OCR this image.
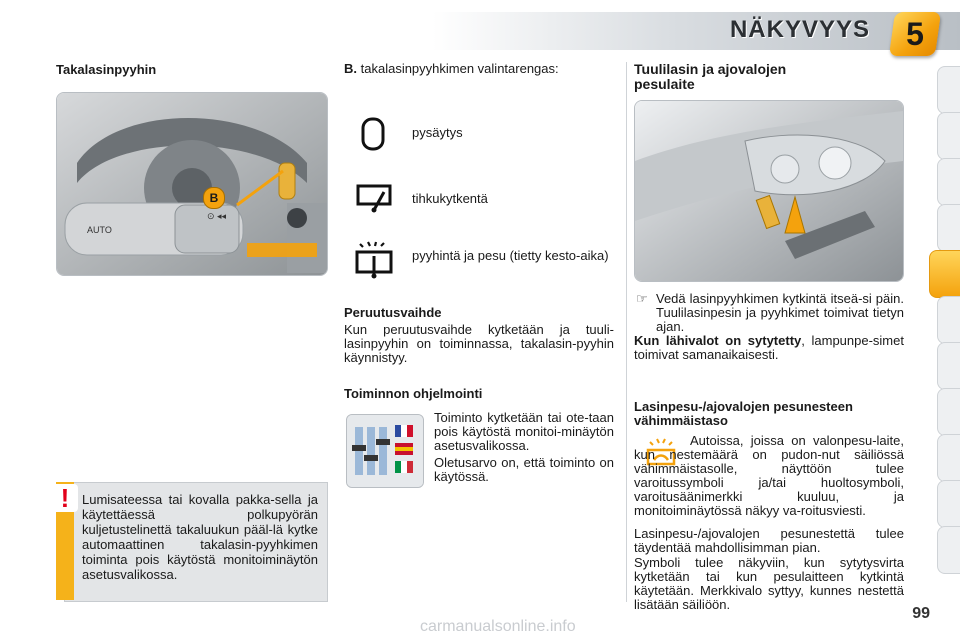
NÄKYVYYS	5
Takalasinpyyhin
AUTO
⊙ ◂◂
B
! Lumisateessa tai kovalla pakka-sella ja käytettäessä polkupyörän kuljetustelinettä takaluukun pääl-lä kytke automaattinen takalasin-pyyhkimen toiminta pois käytöstä monitoiminäytön asetusvalikossa.
B. takalasinpyyhkimen valintarengas:
pysäytys
tihkukytkentä
pyyhintä ja pesu (tietty kesto-aika)
Peruutusvaihde
Kun peruutusvaihde kytketään ja tuuli-lasinpyyhin on toiminnassa, takalasin-pyyhin käynnistyy.
Toiminnon ohjelmointi
Toiminto kytketään tai ote-taan pois käytöstä monitoi-minäytön asetusvalikossa.
Oletusarvo on, että toiminto on käytössä.
Tuulilasin ja ajovalojen pesulaite
☞ Vedä lasinpyyhkimen kytkintä itseä-si päin. Tuulilasinpesin ja pyyhkimet toimivat tietyn ajan.
Kun lähivalot on sytytetty, lampunpe-simet toimivat samanaikaisesti.
Lasinpesu-/ajovalojen pesunesteen vähimmäistaso
Autoissa, joissa on valonpesu-laite, kun nestemäärä on pudon-nut säiliössä vähimmäistasolle, näyttöön tulee varoitussymboli ja/tai huoltosymboli, varoitusäänimerkki kuuluu, ja monitoiminäytössä näkyy va-roitusviesti.
Lasinpesu-/ajovalojen pesunestettä tulee täydentää mahdollisimman pian.
Symboli tulee näkyviin, kun sytytysvirta kytketään tai kun pesulaitteen kytkintä käytetään. Merkkivalo syttyy, kunnes nestettä lisätään säiliöön.
99
carmanualsonline.info
